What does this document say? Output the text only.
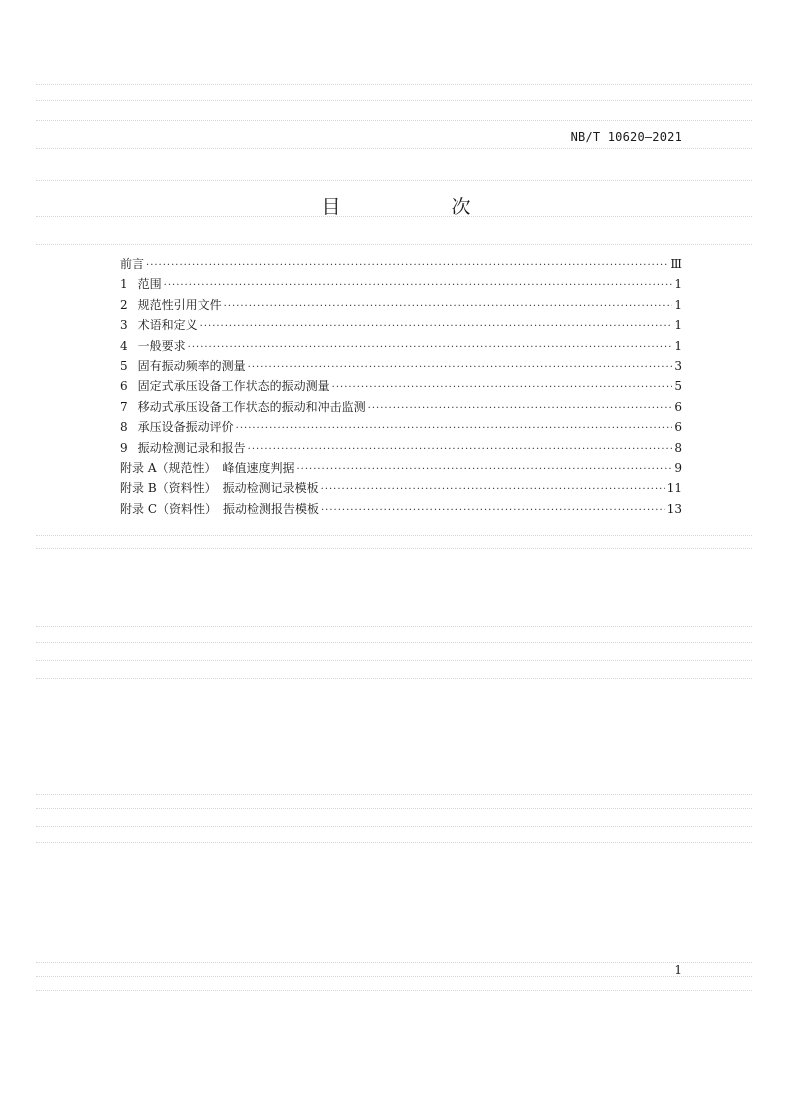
NB/T 10620—2021
目　次
前言 ·····	Ⅲ
1 范围 ·····	1
2 规范性引用文件 ·····	1
3 术语和定义 ·····	1
4 一般要求 ·····	1
5 固有振动频率的测量 ·····	3
6 固定式承压设备工作状态的振动测量 ·····	5
7 移动式承压设备工作状态的振动和冲击监测 ·····	6
8 承压设备振动评价 ·····	6
9 振动检测记录和报告 ·····	8
附录 A（规范性）　峰值速度判据 ·····	9
附录 B（资料性）　振动检测记录模板 ·····	11
附录 C（资料性）　振动检测报告模板 ·····	13
1
